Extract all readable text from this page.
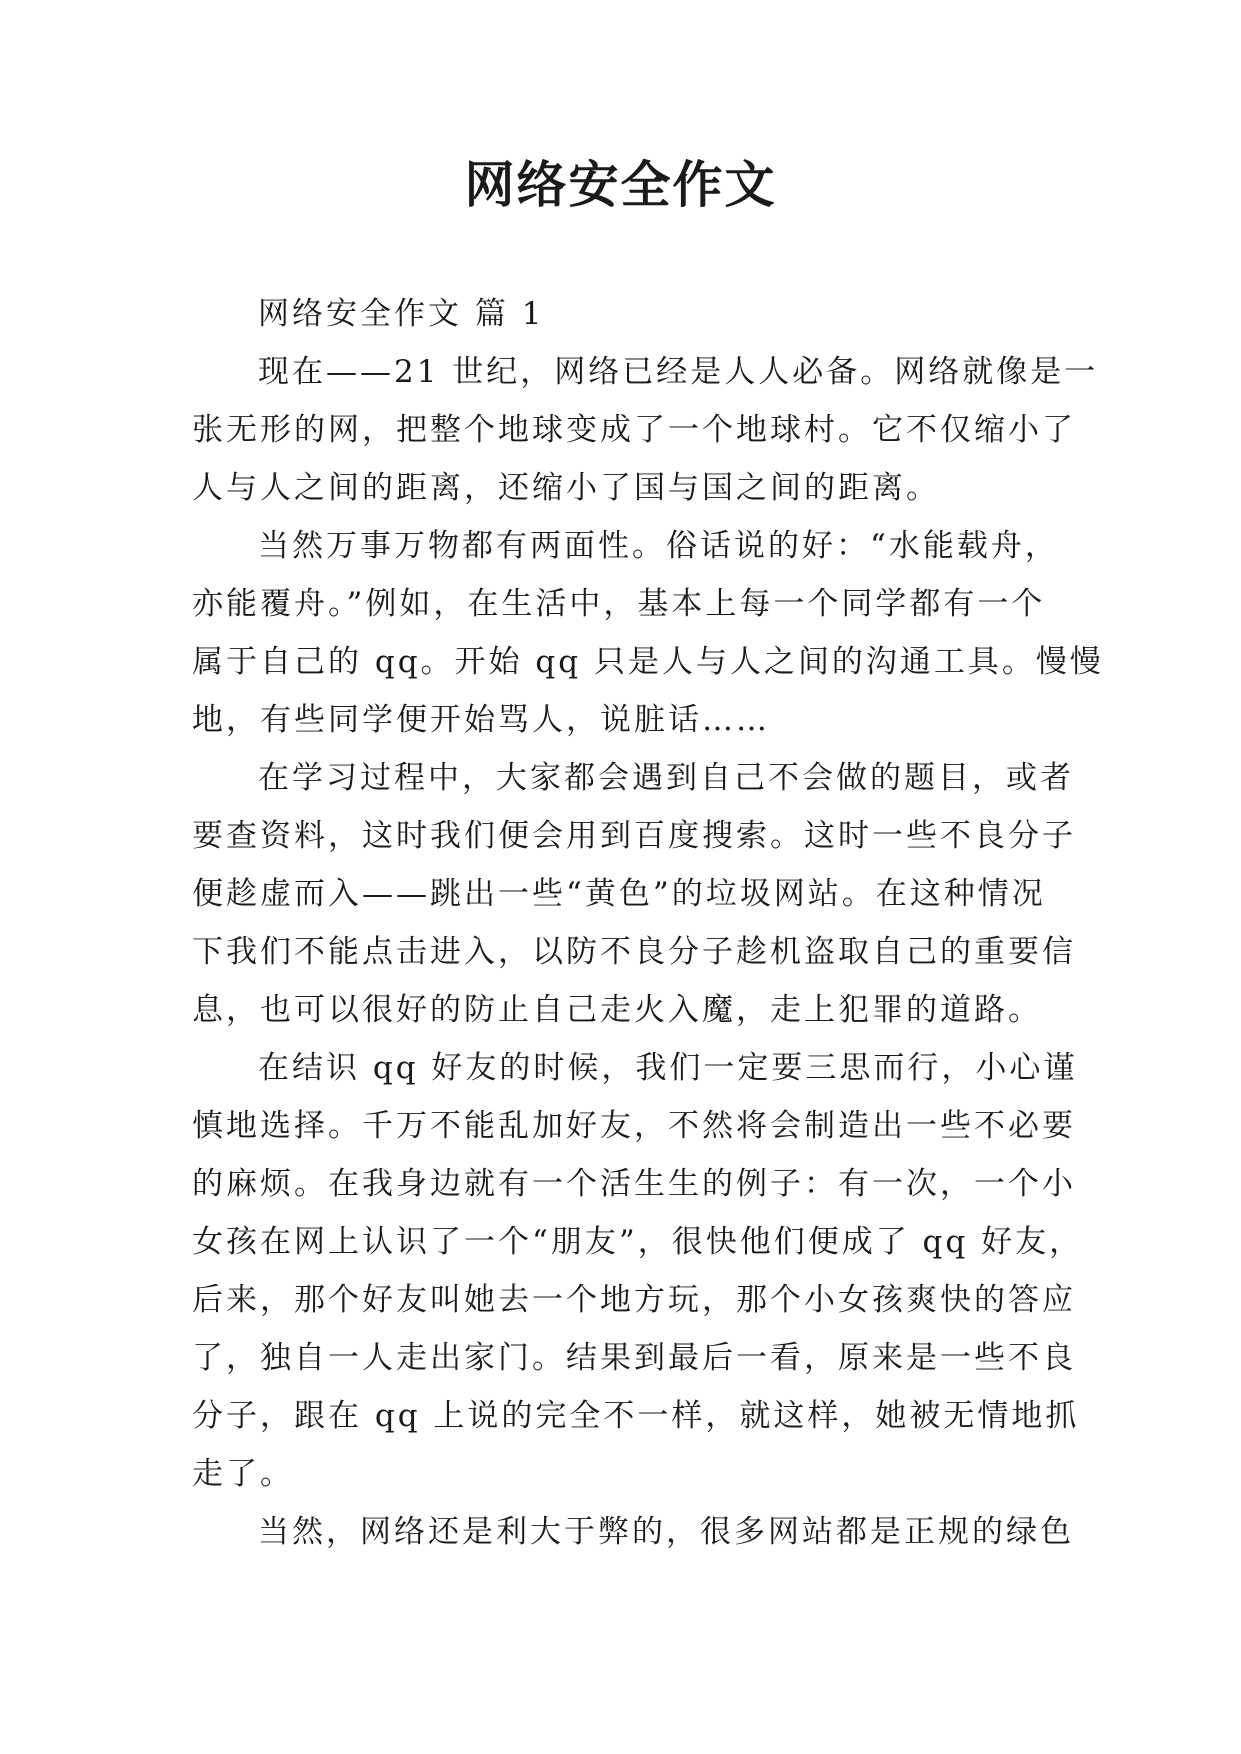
网络安全作文

网络安全作文 篇 1

现在——21 世纪，网络已经是人人必备。网络就像是一
张无形的网，把整个地球变成了一个地球村。它不仅缩小了
人与人之间的距离，还缩小了国与国之间的距离。

当然万事万物都有两面性。俗话说的好：“水能载舟，
亦能覆舟。”例如，在生活中，基本上每一个同学都有一个
属于自己的 qq。开始 qq 只是人与人之间的沟通工具。慢慢
地，有些同学便开始骂人，说脏话……

在学习过程中，大家都会遇到自己不会做的题目，或者
要查资料，这时我们便会用到百度搜索。这时一些不良分子
便趁虚而入——跳出一些“黄色”的垃圾网站。在这种情况
下我们不能点击进入，以防不良分子趁机盗取自己的重要信
息，也可以很好的防止自己走火入魔，走上犯罪的道路。

在结识 qq 好友的时候，我们一定要三思而行，小心谨
慎地选择。千万不能乱加好友，不然将会制造出一些不必要
的麻烦。在我身边就有一个活生生的例子：有一次，一个小
女孩在网上认识了一个“朋友”，很快他们便成了 qq 好友，
后来，那个好友叫她去一个地方玩，那个小女孩爽快的答应
了，独自一人走出家门。结果到最后一看，原来是一些不良
分子，跟在 qq 上说的完全不一样，就这样，她被无情地抓
走了。

当然，网络还是利大于弊的，很多网站都是正规的绿色
